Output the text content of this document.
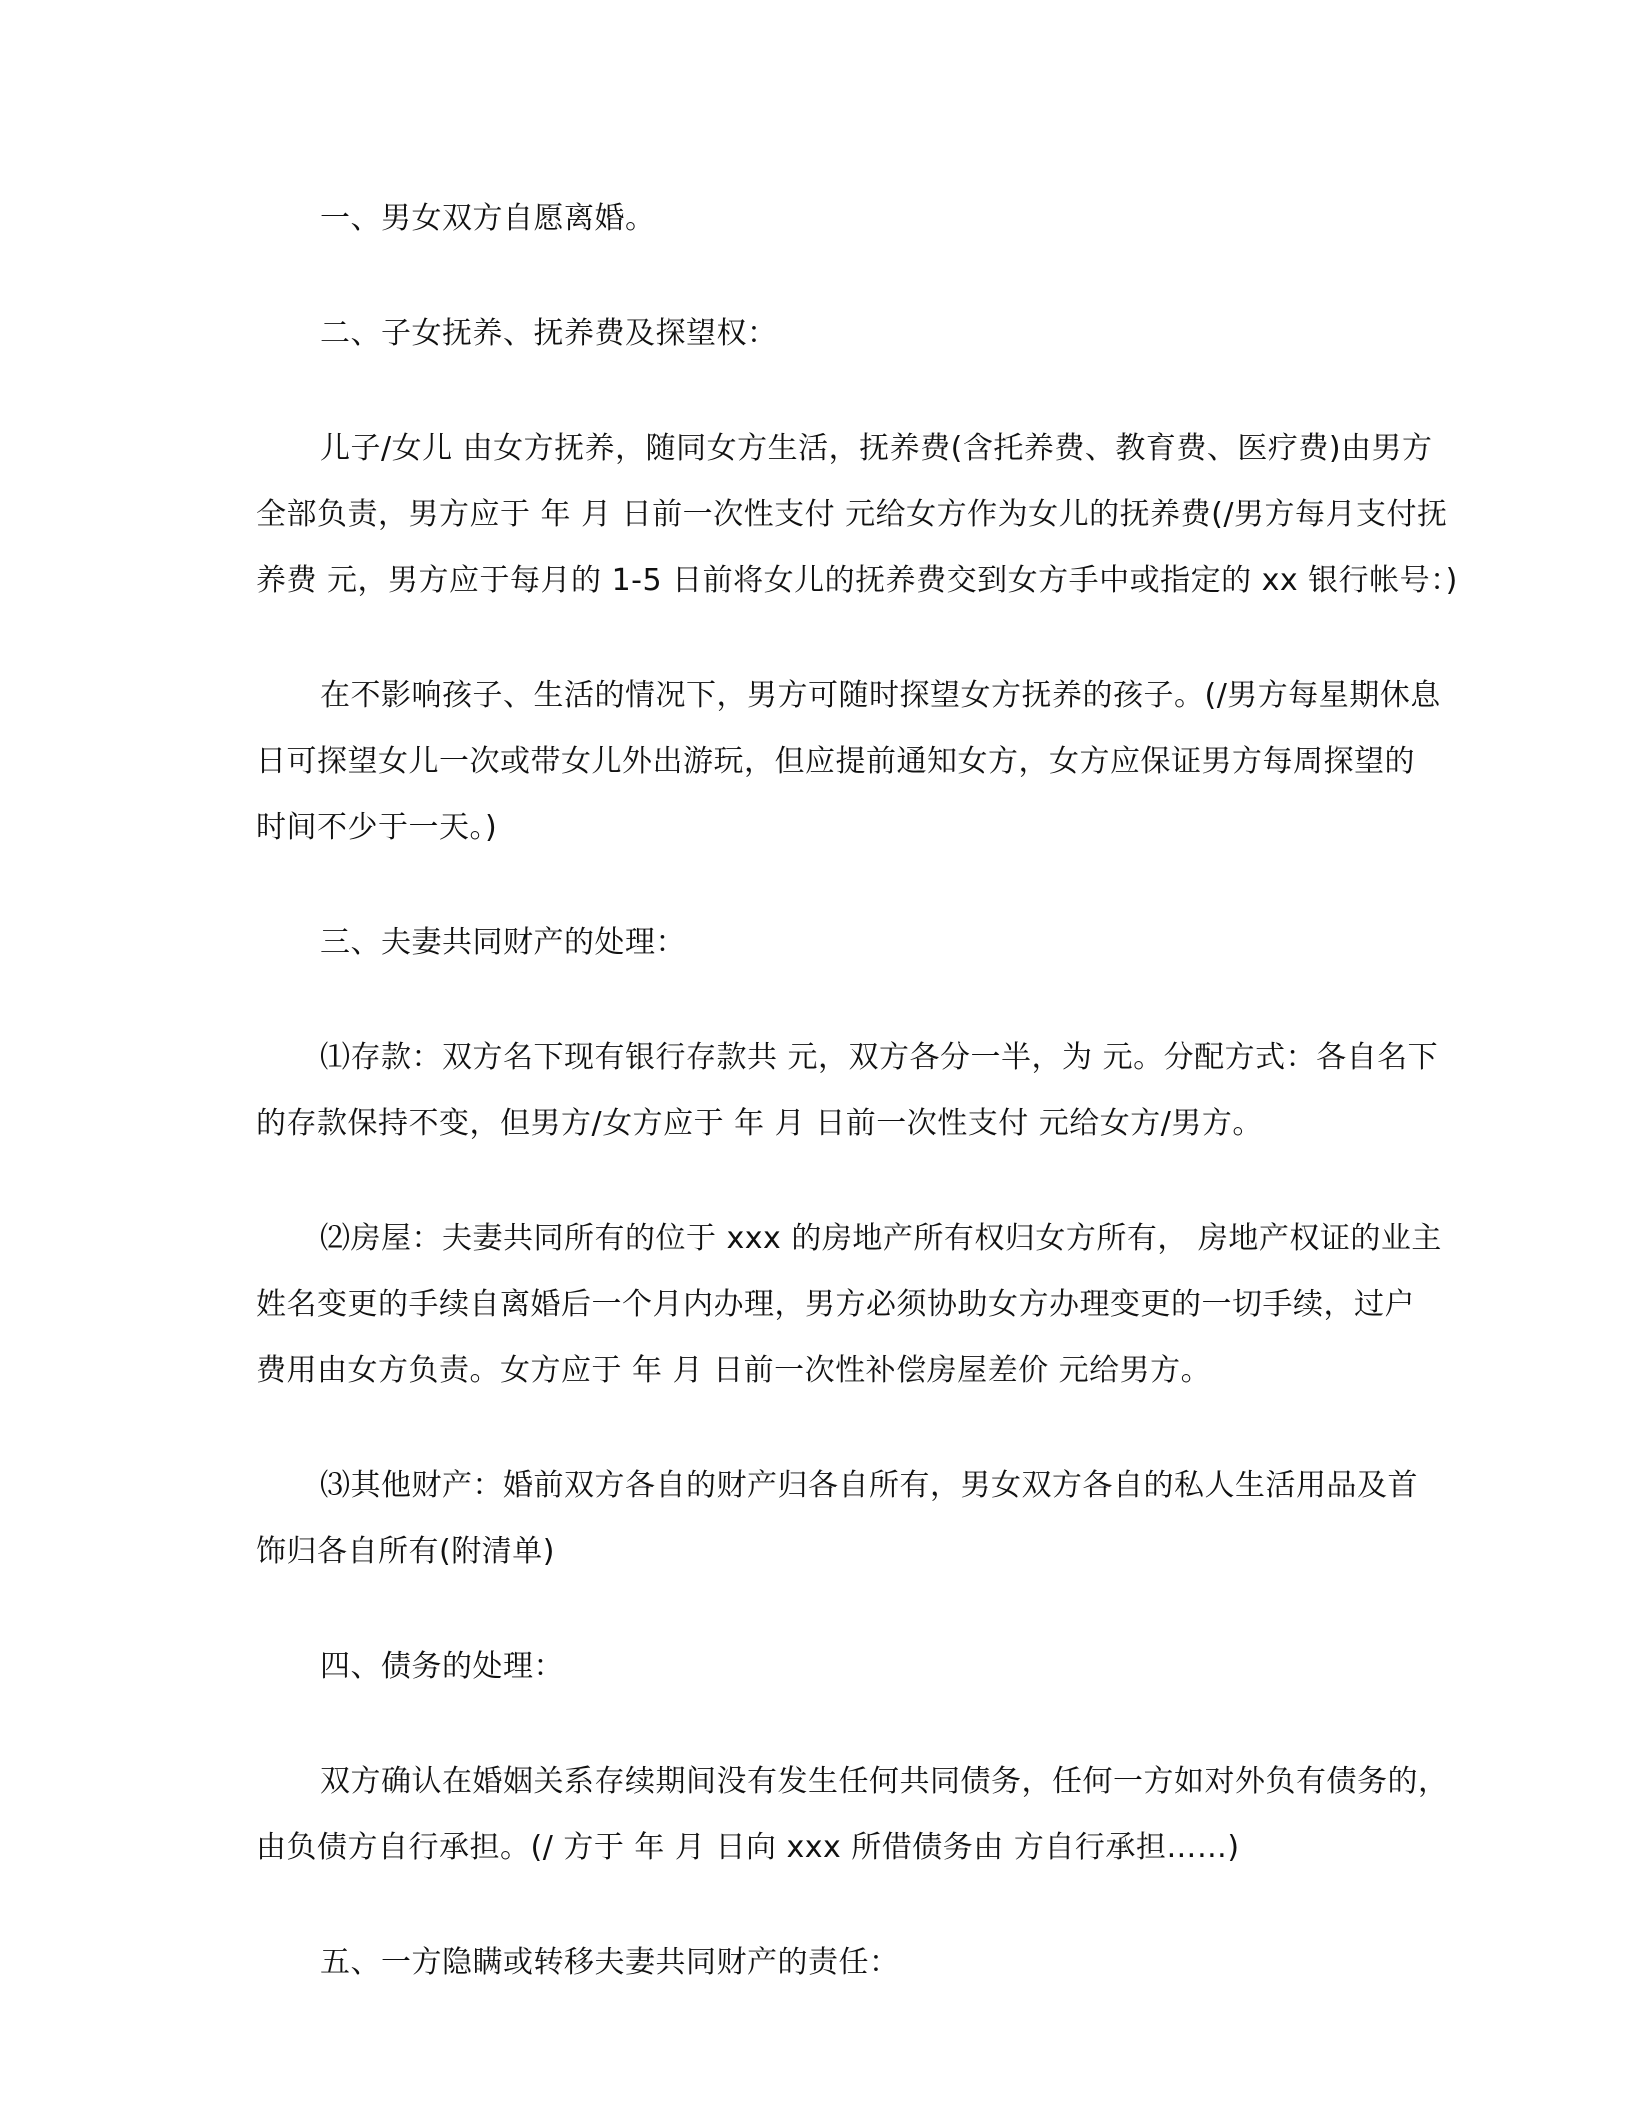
一、男女双方自愿离婚。
二、子女抚养、抚养费及探望权：
儿子/女儿 由女方抚养，随同女方生活，抚养费(含托养费、教育费、医疗费)由男方
全部负责，男方应于 年 月 日前一次性支付 元给女方作为女儿的抚养费(/男方每月支付抚
养费 元，男方应于每月的 1-5 日前将女儿的抚养费交到女方手中或指定的 xx 银行帐号：)
在不影响孩子、生活的情况下，男方可随时探望女方抚养的孩子。(/男方每星期休息
日可探望女儿一次或带女儿外出游玩，但应提前通知女方，女方应保证男方每周探望的
时间不少于一天。)
三、夫妻共同财产的处理：
⑴存款：双方名下现有银行存款共 元，双方各分一半，为 元。分配方式：各自名下
的存款保持不变，但男方/女方应于 年 月 日前一次性支付 元给女方/男方。
⑵房屋：夫妻共同所有的位于 xxx 的房地产所有权归女方所有， 房地产权证的业主
姓名变更的手续自离婚后一个月内办理，男方必须协助女方办理变更的一切手续，过户
费用由女方负责。女方应于 年 月 日前一次性补偿房屋差价 元给男方。
⑶其他财产：婚前双方各自的财产归各自所有，男女双方各自的私人生活用品及首
饰归各自所有(附清单)
四、债务的处理：
双方确认在婚姻关系存续期间没有发生任何共同债务，任何一方如对外负有债务的，
由负债方自行承担。(/ 方于 年 月 日向 xxx 所借债务由 方自行承担……)
五、一方隐瞒或转移夫妻共同财产的责任：
